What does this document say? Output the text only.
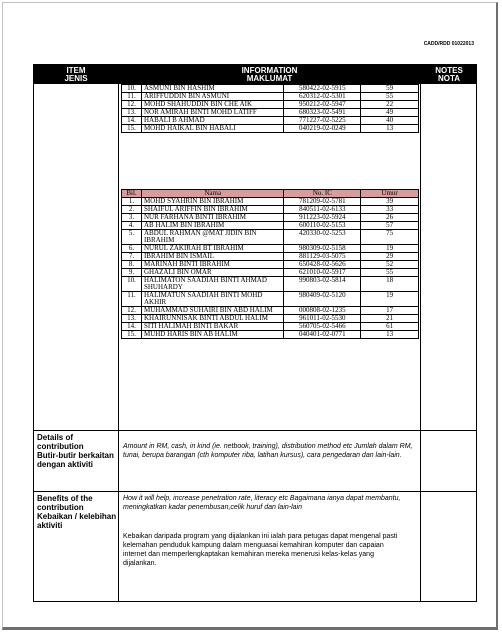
CADD/RDD 01022013
ITEM
JENIS
INFORMATION
MAKLUMAT
NOTES
NOTA
10.	ASMUNI BIN HASHIM	580422-02-5915	59
11.	ARIFFUDDIN BIN ASMUNI	620312-02-5301	55
12.	MOHD SHAHUDDIN BIN CHE AIK	950212-02-5947	22
13.	NOR AMIRAH BINTI MOHD LATIFF	680323-02-5491	49
14.	HABALI B AHMAD	771227-02-5225	40
15.	MOHD HAIKAL BIN HABALI	040219-02-0249	13
Bil.	Nama	No. IC	Umur
1.	MOHD SYAHRIN BIN IBRAHIM	781209-02-5781	39
2.	SHAIFUL ARIFFIN BIN IBRAHIM	840511-02-6133	33
3.	NUR FARHANA BINTI IBRAHIM	911223-02-5924	26
4.	AB HALIM BIN IBRAHIM	600110-02-5153	57
5.	ABDUL RAHMAN @MAT JIDIN BIN IBRAHIM	420330-02-5253	75
6.	NURUL ZAKIRAH BT IBRAHIM	980309-02-5158	19
7.	IBRAHIM BIN ISMAIL	881129-03-5075	29
8.	MARINAH BINTI IBRAHIM	650428-02-5626	52
9.	GHAZALI BIN OMAR	621010-02-5917	55
10.	HALIMATON SAADIAH BINTI AHMAD SHUHARDY	990803-02-5814	18
11.	HALIMATUN SAADIAH BINTI MOHD AKHIR	980409-02-5120	19
12.	MUHAMMAD SUHAIRI BIN ABD HALIM	000808-02-1235	17
13.	KHAIRUNNISAK BINTI ABDUL HALIM	961011-02-5530	21
14.	SITI HALIMAH BINTI BAKAR	560705-02-5466	61
15.	MUHD HARIS BIN AB HALIM	040401-02-0771	13
Details of contribution
Butir-butir berkaitan dengan aktiviti
Amount in RM, cash, in kind (ie. netbook, training), distribution method etc Jumlah dalam RM, tunai, berupa barangan (cth komputer riba, latihan kursus), cara pengedaran dan lain-lain.
Benefits of the contribution
Kebaikan / kelebihan aktiviti
How it will help, increase penetration rate, literacy etc Bagaimana ianya dapat membantu, meningkatkan kadar penembusan,celik huruf dan lain-lain
Kebaikan daripada program yang dijalankan ini ialah para petugas dapat mengenal pasti kelemahan penduduk kampung dalam menguasai kemahiran komputer dan capaian internet dan memperlengkaptakan kemahiran mereka menerusi kelas-kelas yang dijalankan.
